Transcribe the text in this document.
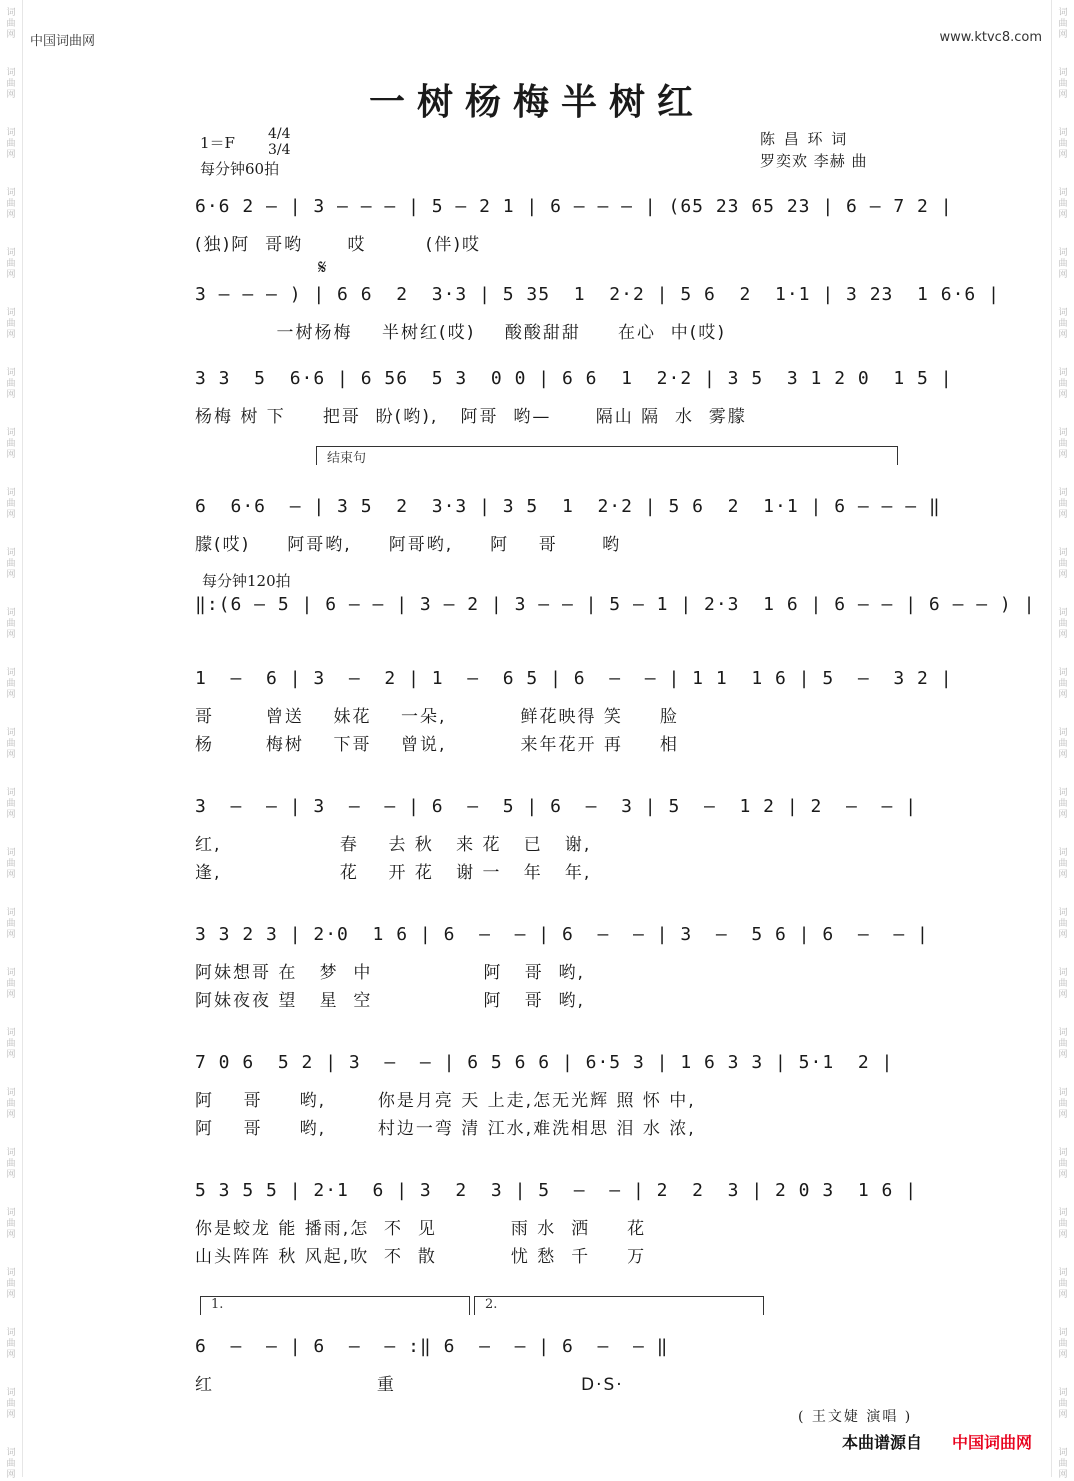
词
曲
网
词
曲
网
词
曲
网
词
曲
网
词
曲
网
词
曲
网
词
曲
网
词
曲
网
词
曲
网
词
曲
网
词
曲
网
词
曲
网
词
曲
网
词
曲
网
词
曲
网
词
曲
网
词
曲
网
词
曲
网
词
曲
网
词
曲
网
词
曲
网
词
曲
网
词
曲
网
词
曲
网
词
曲
网
词
曲
网
词
曲
网
词
曲
网
词
曲
网
词
曲
网
词
曲
网
词
曲
网
词
曲
网
词
曲
网
词
曲
网
词
曲
网
词
曲
网
词
曲
网
词
曲
网
词
曲
网
词
曲
网
词
曲
网
词
曲
网
词
曲
网
词
曲
网
词
曲
网
词
曲
网
词
曲
网
词
曲
网
词
曲
网
中国词曲网	www.ktvc8.com
一树杨梅半树红
1＝F 4/4 3/4
每分钟60拍
陈 昌 环 词
罗奕欢 李赫 曲
𝄋
结束句
每分钟120拍
1.	2.
6·6 2 — | 3 — — — | 5 — 2 1 | 6 — — — | (65 23 65 23 | 6 — 7 2 |
(独)阿  哥哟      哎        (伴)哎
3 — — — ) | 6 6  2  3·3 | 5 35  1  2·2 | 5 6  2  1·1 | 3 23  1 6·6 |
一树杨梅    半树红(哎)    酸酸甜甜     在心  中(哎)
3 3  5  6·6 | 6 56  5 3  0 0 | 6 6  1  2·2 | 3 5  3 1 2 0  1 5 |
杨梅 树 下     把哥  盼(哟),   阿哥  哟—      隔山 隔  水  雾朦
6  6·6  — | 3 5  2  3·3 | 3 5  1  2·2 | 5 6  2  1·1 | 6 — — — ‖
朦(哎)     阿哥哟,     阿哥哟,     阿    哥      哟
‖:(6 — 5 | 6 — — | 3 — 2 | 3 — — | 5 — 1 | 2·3  1 6 | 6 — — | 6 — — ) |
1  —  6 | 3  —  2 | 1  —  6 5 | 6  —  — | 1 1  1 6 | 5  —  3 2 |
哥       曾送    妹花    一朵,          鲜花映得 笑     脸
杨       梅树    下哥    曾说,          来年花开 再     相
3  —  — | 3  —  — | 6  —  5 | 6  —  3 | 5  —  1 2 | 2  —  — |
红,                春    去 秋   来 花   已   谢,
逢,                花    开 花   谢 一   年   年,
3 3 2 3 | 2·0  1 6 | 6  —  — | 6  —  — | 3  —  5 6 | 6  —  — |
阿妹想哥 在   梦  中               阿   哥  哟,
阿妹夜夜 望   星  空               阿   哥  哟,
7 0 6  5 2 | 3  —  — | 6 5 6 6 | 6·5 3 | 1 6 3 3 | 5·1  2 |
阿    哥     哟,       你是月亮 天 上走,怎无光辉 照 怀 中,
阿    哥     哟,       村边一弯 清 江水,难洗相思 泪 水 浓,
5 3 5 5 | 2·1  6 | 3  2  3 | 5  —  — | 2  2  3 | 2 0 3  1 6 |
你是蛟龙 能 播雨,怎  不  见          雨 水  洒     花
山头阵阵 秋 风起,吹  不  散          忧 愁  千     万
6  —  — | 6  —  — :‖ 6  —  — | 6  —  — ‖
红                      重                         D·S·
( 王文婕 演唱 )
本曲谱源自 中国词曲网
